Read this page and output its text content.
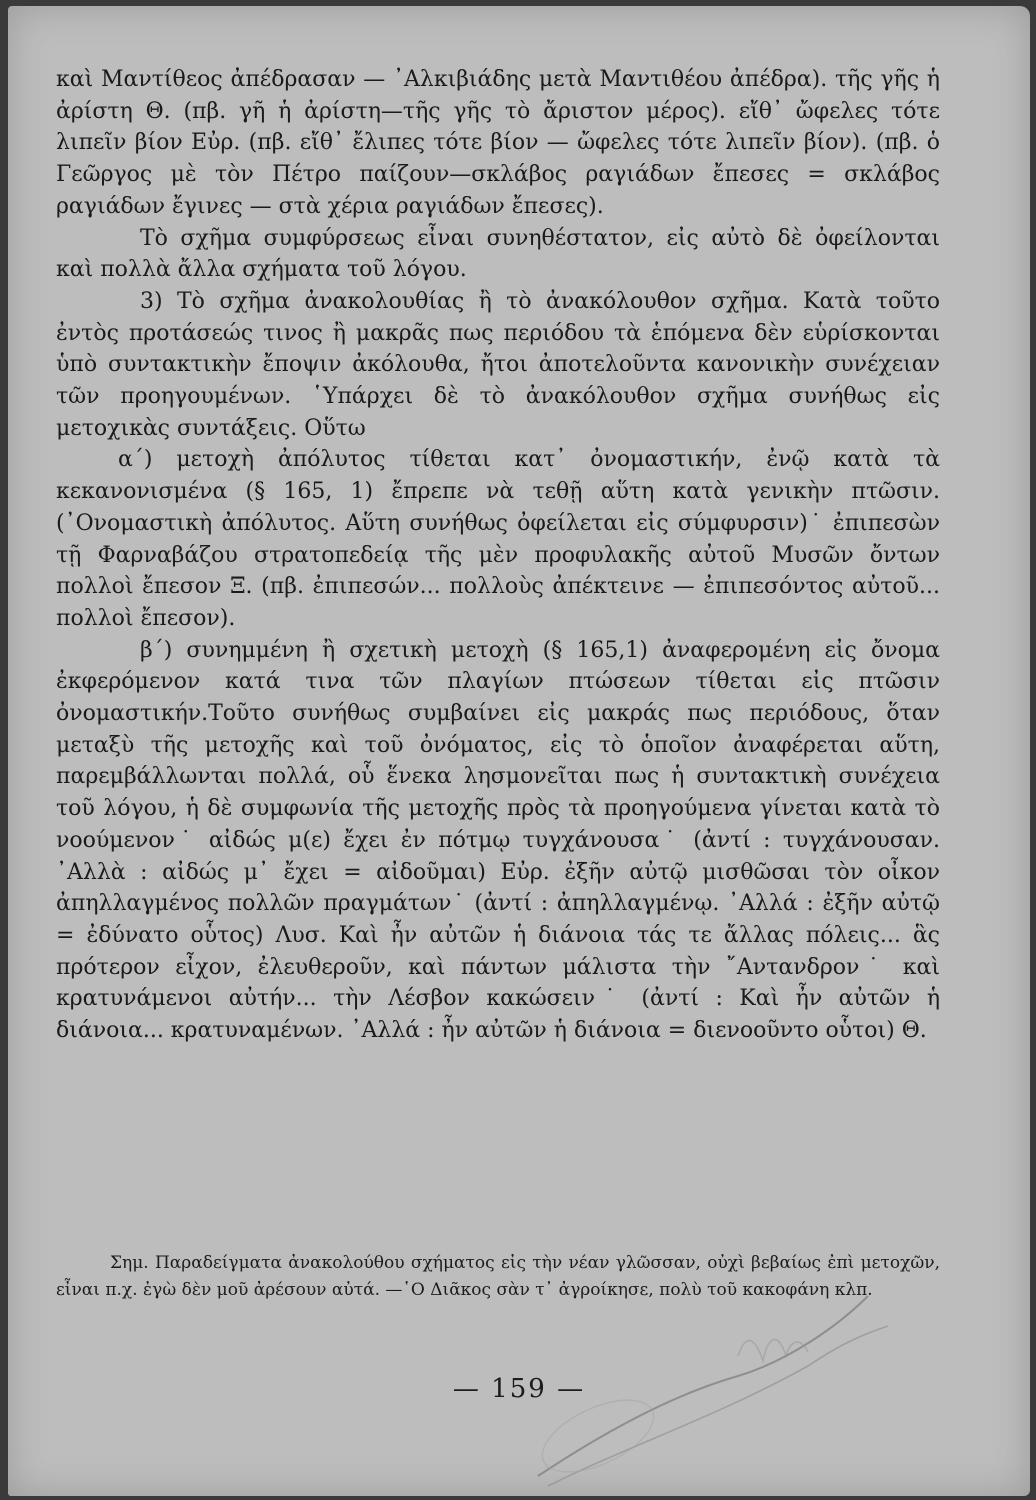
καὶ Μαντίθεος ἀπέδρασαν — ᾿Αλκιβιάδης μετὰ Μαντιθέου ἀπέδρα). τῆς γῆς ἡ ἀρίστη Θ. (πβ. γῆ ἡ ἀρίστη—τῆς γῆς τὸ ἄριστον μέρος). εἴθ᾿ ὤφελες τότε λιπεῖν βίον Εὐρ. (πβ. εἴθ᾿ ἔλιπες τότε βίον — ὤφελες τότε λιπεῖν βίον). (πβ. ὁ Γεῶργος μὲ τὸν Πέτρο παίζουν—σκλάβος ραγιάδων ἔπεσες = σκλάβος ραγιάδων ἔγινες — στὰ χέρια ραγιάδων ἔπεσες).

Τὸ σχῆμα συμφύρσεως εἶναι συνηθέστατον, εἰς αὐτὸ δὲ ὀφείλονται καὶ πολλὰ ἄλλα σχήματα τοῦ λόγου.

3) Τὸ σχῆμα ἀνακολουθίας ἢ τὸ ἀνακόλουθον σχῆμα. Κατὰ τοῦτο ἐντὸς προτάσεώς τινος ἢ μακρᾶς πως περιόδου τὰ ἑπόμενα δὲν εὑρίσκονται ὑπὸ συντακτικὴν ἔποψιν ἀκόλουθα, ἤτοι ἀποτελοῦντα κανονικὴν συνέχειαν τῶν προηγουμένων. ῾Υπάρχει δὲ τὸ ἀνακόλουθον σχῆμα συνήθως εἰς μετοχικὰς συντάξεις. Οὕτω

α΄) μετοχὴ ἀπόλυτος τίθεται κατ᾿ ὀνομαστικήν, ἐνῷ κατὰ τὰ κεκανονισμένα (§ 165, 1) ἔπρεπε νὰ τεθῇ αὕτη κατὰ γενικὴν πτῶσιν. (᾿Ονομαστικὴ ἀπόλυτος. Αὕτη συνήθως ὀφείλεται εἰς σύμφυρσιν)˙ ἐπιπεσὼν τῇ Φαρναβάζου στρατοπεδείᾳ τῆς μὲν προφυλακῆς αὐτοῦ Μυσῶν ὄντων πολλοὶ ἔπεσον Ξ. (πβ. ἐπιπεσών... πολλοὺς ἀπέκτεινε — ἐπιπεσόντος αὐτοῦ... πολλοὶ ἔπεσον).

β΄) συνημμένη ἢ σχετικὴ μετοχὴ (§ 165,1) ἀναφερομένη εἰς ὄνομα ἐκφερόμενον κατά τινα τῶν πλαγίων πτώσεων τίθεται εἰς πτῶσιν ὀνομαστικήν.Τοῦτο συνήθως συμβαίνει εἰς μακράς πως περιόδους, ὅταν μεταξὺ τῆς μετοχῆς καὶ τοῦ ὀνόματος, εἰς τὸ ὁποῖον ἀναφέρεται αὕτη, παρεμβάλλωνται πολλά, οὗ ἕνεκα λησμονεῖται πως ἡ συντακτικὴ συνέχεια τοῦ λόγου, ἡ δὲ συμφωνία τῆς μετοχῆς πρὸς τὰ προηγούμενα γίνεται κατὰ τὸ νοούμενον˙ αἰδώς μ(ε) ἔχει ἐν πότμῳ τυγχάνουσα˙ (ἀντί : τυγχάνουσαν. ᾿Αλλὰ : αἰδώς μ᾿ ἔχει = αἰδοῦμαι) Εὐρ. ἐξῆν αὐτῷ μισθῶσαι τὸν οἶκον ἀπηλλαγμένος πολλῶν πραγμάτων˙ (ἀντί : ἀπηλλαγμένῳ. ᾿Αλλά : ἐξῆν αὐτῷ = ἐδύνατο οὗτος) Λυσ. Καὶ ἦν αὐτῶν ἡ διάνοια τάς τε ἄλλας πόλεις... ἃς πρότερον εἶχον, ἐλευθεροῦν, καὶ πάντων μάλιστα τὴν ῎Αντανδρον˙ καὶ κρατυνάμενοι αὐτήν... τὴν Λέσβον κακώσειν˙ (ἀντί : Καὶ ἦν αὐτῶν ἡ διάνοια... κρατυναμένων. ᾿Αλλά : ἦν αὐτῶν ἡ διάνοια = διενοοῦντο οὗτοι) Θ.

Σημ. Παραδείγματα ἀνακολούθου σχήματος εἰς τὴν νέαν γλῶσσαν, οὐχὶ βεβαίως ἐπὶ μετοχῶν, εἶναι π.χ. ἐγὼ δὲν μοῦ ἀρέσουν αὐτά. —῾Ο Διᾶκος σὰν τ᾿ ἀγροίκησε, πολὺ τοῦ κακοφάνη κλπ.
— 159 —
